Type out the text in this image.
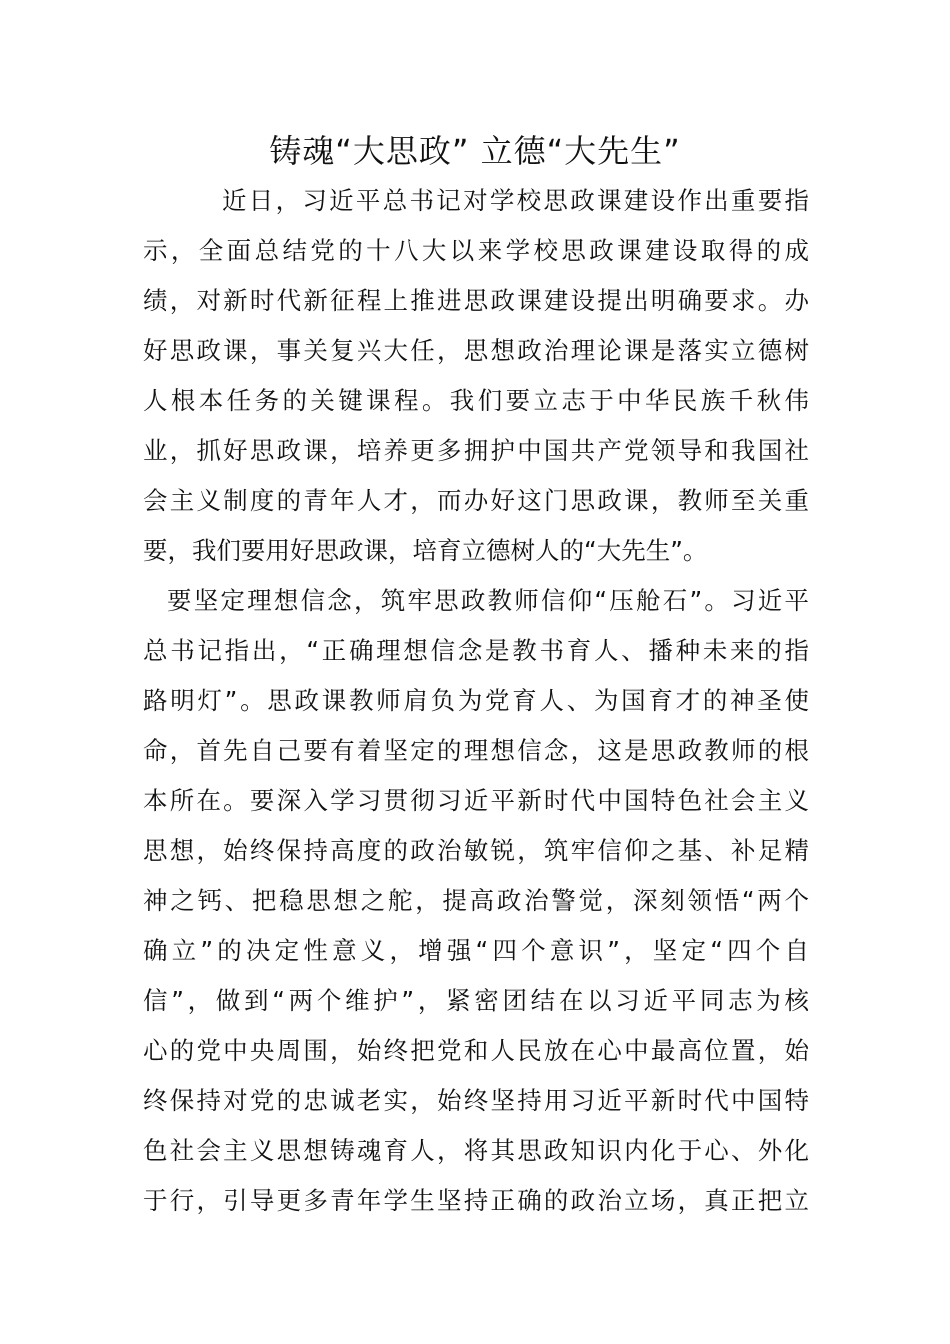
铸魂“大思政” 立德“大先生”
近日，习近平总书记对学校思政课建设作出重要指
示，全面总结党的十八大以来学校思政课建设取得的成
绩，对新时代新征程上推进思政课建设提出明确要求。办
好思政课，事关复兴大任，思想政治理论课是落实立德树
人根本任务的关键课程。我们要立志于中华民族千秋伟
业，抓好思政课，培养更多拥护中国共产党领导和我国社
会主义制度的青年人才，而办好这门思政课，教师至关重
要，我们要用好思政课，培育立德树人的“大先生”。
要坚定理想信念，筑牢思政教师信仰“压舱石”。习近平
总书记指出，“正确理想信念是教书育人、播种未来的指
路明灯”。思政课教师肩负为党育人、为国育才的神圣使
命，首先自己要有着坚定的理想信念，这是思政教师的根
本所在。要深入学习贯彻习近平新时代中国特色社会主义
思想，始终保持高度的政治敏锐，筑牢信仰之基、补足精
神之钙、把稳思想之舵，提高政治警觉，深刻领悟“两个
确立”的决定性意义，增强“四个意识”，坚定“四个自
信”，做到“两个维护”，紧密团结在以习近平同志为核
心的党中央周围，始终把党和人民放在心中最高位置，始
终保持对党的忠诚老实，始终坚持用习近平新时代中国特
色社会主义思想铸魂育人，将其思政知识内化于心、外化
于行，引导更多青年学生坚持正确的政治立场，真正把立
